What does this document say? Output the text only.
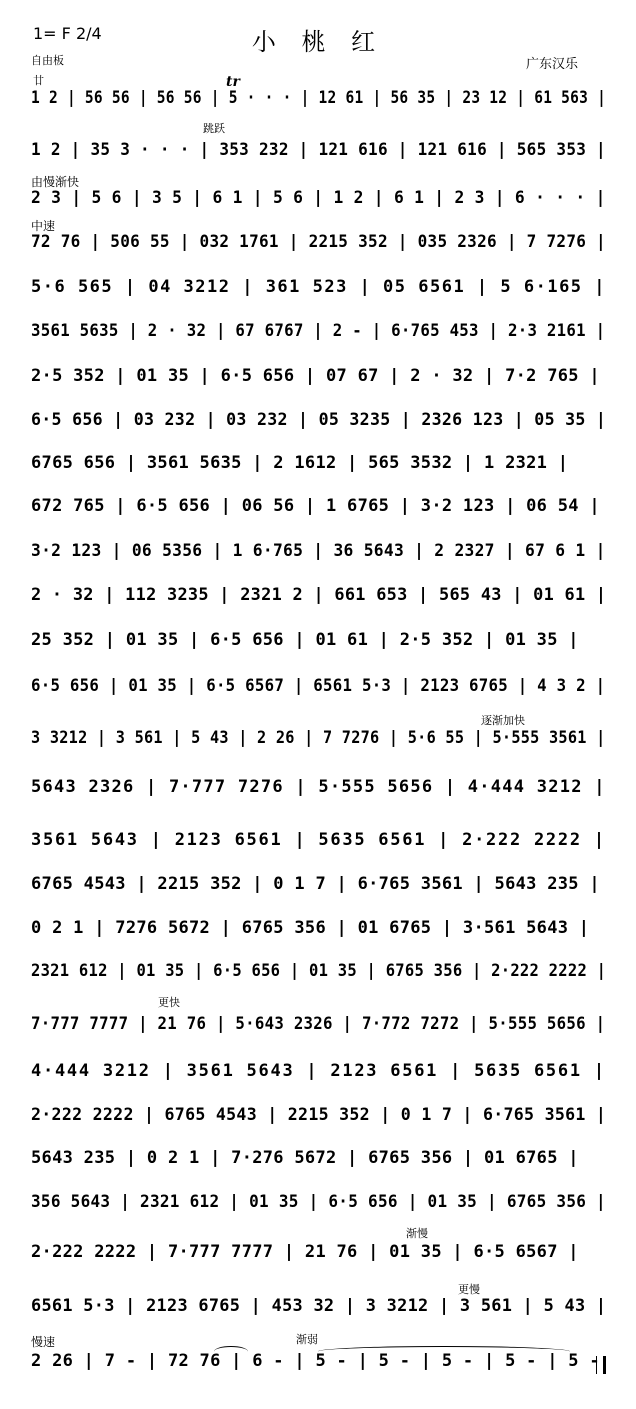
1= F 2/4	小 桃 红
广东汉乐
自由板
廿	tr
跳跃
由慢渐快
中速
逐渐加快
更快
渐慢
更慢
慢速	渐弱
1 2 | 56 56 | 56 56 | 5 · · · | 12 61 | 56 35 | 23 12 | 61 563 |
1 2 | 35 3 · · · | 353 232 | 121 616 | 121 616 | 565 353 |
2 3 | 5 6 | 3 5 | 6 1 | 5 6 | 1 2 | 6 1 | 2 3 | 6 · · · |
72 76 | 506 55 | 032 1761 | 2215 352 | 035 2326 | 7 7276 |
5·6 565 | 04 3212 | 361 523 | 05 6561 | 5 6·165 |
3561 5635 | 2 · 32 | 67 6767 | 2 - | 6·765 453 | 2·3 2161 |
2·5 352 | 01 35 | 6·5 656 | 07 67 | 2 · 32 | 7·2 765 |
6·5 656 | 03 232 | 03 232 | 05 3235 | 2326 123 | 05 35 |
6765 656 | 3561 5635 | 2 1612 | 565 3532 | 1 2321 |
672 765 | 6·5 656 | 06 56 | 1 6765 | 3·2 123 | 06 54 |
3·2 123 | 06 5356 | 1 6·765 | 36 5643 | 2 2327 | 67 6 1 |
2 · 32 | 112 3235 | 2321 2 | 661 653 | 565 43 | 01 61 |
25 352 | 01 35 | 6·5 656 | 01 61 | 2·5 352 | 01 35 |
6·5 656 | 01 35 | 6·5 6567 | 6561 5·3 | 2123 6765 | 4 3 2 |
3 3212 | 3 561 | 5 43 | 2 26 | 7 7276 | 5·6 55 | 5·555 3561 |
5643 2326 | 7·777 7276 | 5·555 5656 | 4·444 3212 |
3561 5643 | 2123 6561 | 5635 6561 | 2·222 2222 |
6765 4543 | 2215 352 | 0 1 7 | 6·765 3561 | 5643 235 |
0 2 1 | 7276 5672 | 6765 356 | 01 6765 | 3·561 5643 |
2321 612 | 01 35 | 6·5 656 | 01 35 | 6765 356 | 2·222 2222 |
7·777 7777 | 21 76 | 5·643 2326 | 7·772 7272 | 5·555 5656 |
4·444 3212 | 3561 5643 | 2123 6561 | 5635 6561 |
2·222 2222 | 6765 4543 | 2215 352 | 0 1 7 | 6·765 3561 |
5643 235 | 0 2 1 | 7·276 5672 | 6765 356 | 01 6765 |
356 5643 | 2321 612 | 01 35 | 6·5 656 | 01 35 | 6765 356 |
2·222 2222 | 7·777 7777 | 21 76 | 01 35 | 6·5 6567 |
6561 5·3 | 2123 6765 | 453 32 | 3 3212 | 3 561 | 5 43 |
2 26 | 7 - | 72 76 | 6 - | 5 - | 5 - | 5 - | 5 - | 5 -
